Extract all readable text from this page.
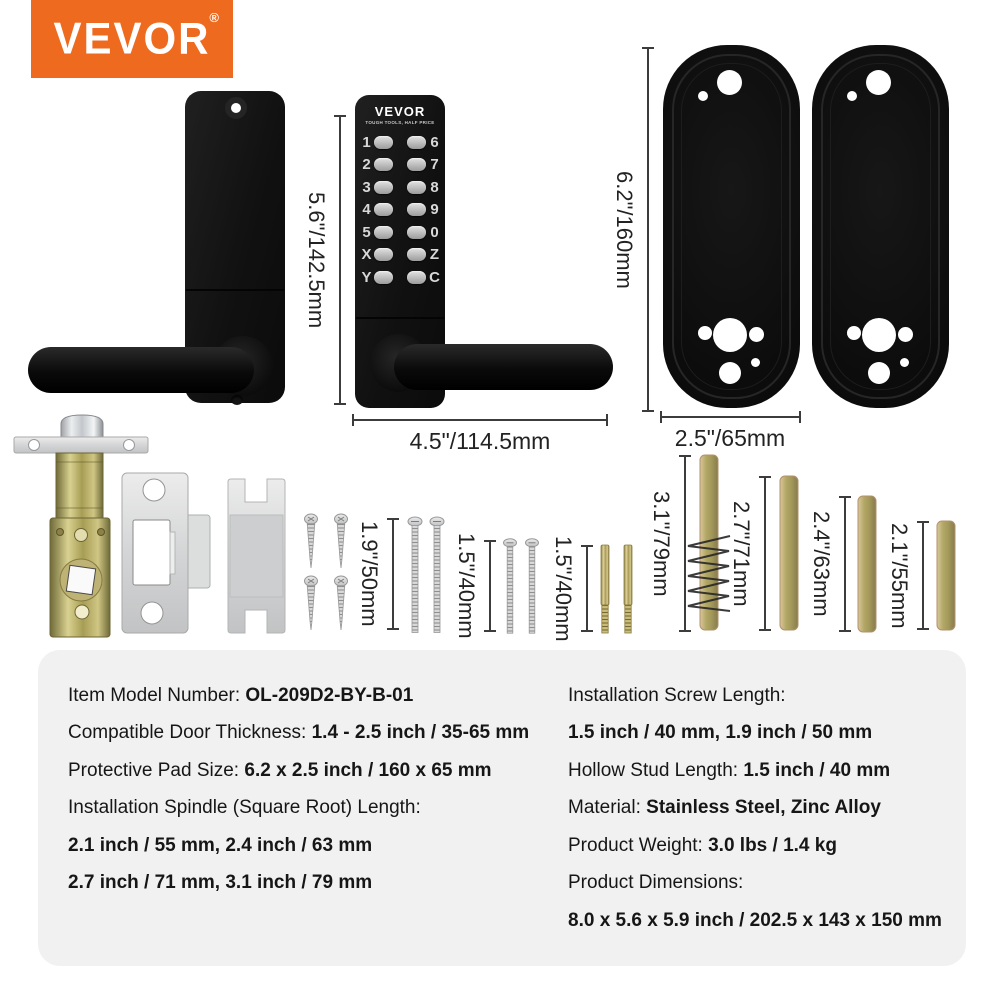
VEVOR
®
VEVOR
TOUGH TOOLS, HALF PRICE
1	6
2	7
3	8
4	9
5	0
X	Z
Y	C
5.6"/142.5mm
4.5"/114.5mm
6.2"/160mm
2.5"/65mm
1.9"/50mm	1.5"/40mm	1.5"/40mm	3.1"/79mm	2.7"/71mm	2.4"/63mm 2.1"/55mm
Item Model Number: OL-209D2-BY-B-01
Compatible Door Thickness: 1.4 - 2.5 inch / 35-65 mm
Protective Pad Size: 6.2 x 2.5 inch / 160 x 65 mm
Installation Spindle (Square Root) Length:
2.1 inch / 55 mm, 2.4 inch / 63 mm
2.7 inch / 71 mm, 3.1 inch / 79 mm
Installation Screw Length:
1.5 inch / 40 mm, 1.9 inch / 50 mm
Hollow Stud Length: 1.5 inch / 40 mm
Material: Stainless Steel, Zinc Alloy
Product Weight: 3.0 lbs / 1.4 kg
Product Dimensions:
8.0 x 5.6 x 5.9 inch / 202.5 x 143 x 150 mm
